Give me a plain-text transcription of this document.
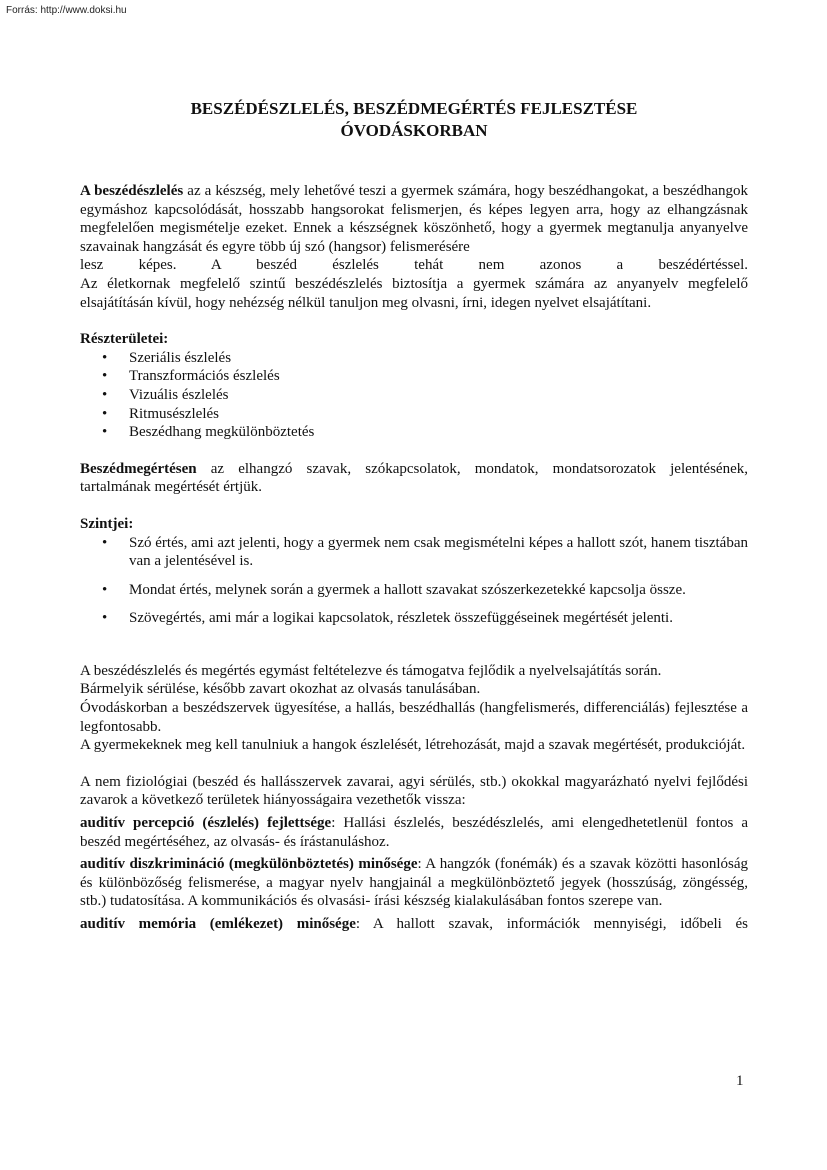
Forrás: http://www.doksi.hu
BESZÉDÉSZLELÉS, BESZÉDMEGÉRTÉS FEJLESZTÉSE
ÓVODÁSKORBAN

A beszédészlelés az a készség, mely lehetővé teszi a gyermek számára, hogy beszédhangokat, a beszédhangok egymáshoz kapcsolódását, hosszabb hangsorokat felismerjen, és képes legyen arra, hogy az elhangzásnak megfelelően megismételje ezeket. Ennek a készségnek köszönhető, hogy a gyermek megtanulja anyanyelve szavainak hangzását és egyre több új szó (hangsor) felismerésére

lesz képes. A beszéd észlelés tehát nem azonos a beszédértéssel.

Az életkornak megfelelő szintű beszédészlelés biztosítja a gyermek számára az anyanyelv megfelelő elsajátításán kívül, hogy nehézség nélkül tanuljon meg olvasni, írni, idegen nyelvet elsajátítani.

Részterületei:

• Szeriális észlelés
• Transzformációs észlelés
• Vizuális észlelés
• Ritmusészlelés
• Beszédhang megkülönböztetés

Beszédmegértésen az elhangzó szavak, szókapcsolatok, mondatok, mondatsorozatok jelentésének, tartalmának megértését értjük.

Szintjei:

• Szó értés, ami azt jelenti, hogy a gyermek nem csak megismételni képes a hallott szót, hanem tisztában van a jelentésével is.
• Mondat értés, melynek során a gyermek a hallott szavakat szószerkezetekké kapcsolja össze.
• Szövegértés, ami már a logikai kapcsolatok, részletek összefüggéseinek megértését jelenti.

A beszédészlelés és megértés egymást feltételezve és támogatva fejlődik a nyelvelsajátítás során.

Bármelyik sérülése, később zavart okozhat az olvasás tanulásában.

Óvodáskorban a beszédszervek ügyesítése, a hallás, beszédhallás (hangfelismerés, differenciálás) fejlesztése a legfontosabb.

A gyermekeknek meg kell tanulniuk a hangok észlelését, létrehozását, majd a szavak megértését, produkcióját.

A nem fiziológiai (beszéd és hallásszervek zavarai, agyi sérülés, stb.) okokkal magyarázható nyelvi fejlődési zavarok a következő területek hiányosságaira vezethetők vissza:

auditív percepció (észlelés) fejlettsége: Hallási észlelés, beszédészlelés, ami elengedhetetlenül fontos a beszéd megértéséhez, az olvasás- és írástanuláshoz.

auditív diszkrimináció (megkülönböztetés) minősége: A hangzók (fonémák) és a szavak közötti hasonlóság és különbözőség felismerése, a magyar nyelv hangjainál a megkülönböztető jegyek (hosszúság, zöngésség, stb.) tudatosítása. A kommunikációs és olvasási- írási készség kialakulásában fontos szerepe van.

auditív memória (emlékezet) minősége: A hallott szavak, információk mennyiségi, időbeli és

1
